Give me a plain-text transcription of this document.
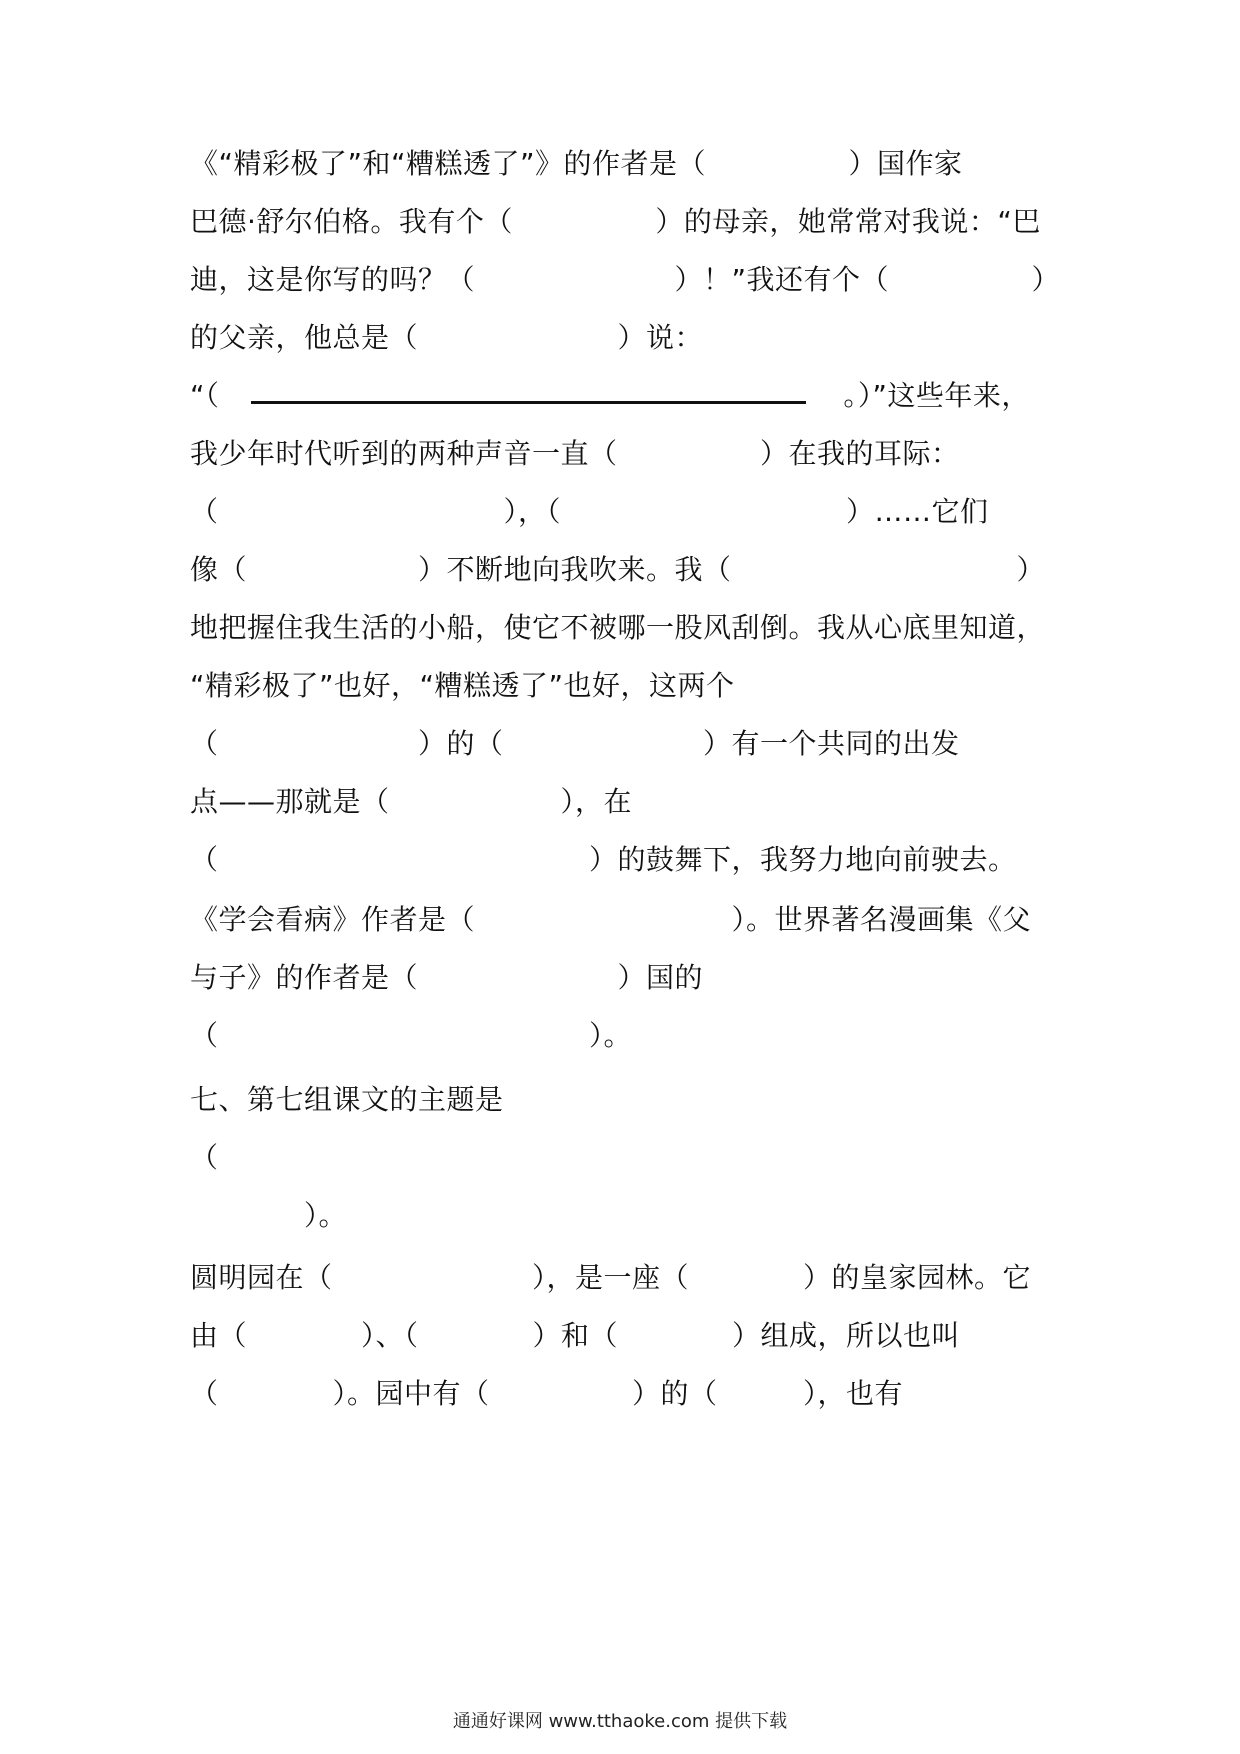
《“精彩极了”和“糟糕透了”》的作者是（　　　　　）国作家
巴德·舒尔伯格。我有个（　　　　　）的母亲，她常常对我说：“巴
迪，这是你写的吗？（　　　　　　　）！”我还有个（　　　　　）
的父亲，他总是（　　　　　　　）说：
“（	。）”这些年来，
我少年时代听到的两种声音一直（　　　　　）在我的耳际：
（　　　　　　　　　　），（　　　　　　　　　　）……它们
像（　　　　　　）不断地向我吹来。我（　　　　　　　　　　）
地把握住我生活的小船，使它不被哪一股风刮倒。我从心底里知道，
“精彩极了”也好，“糟糕透了”也好，这两个
（　　　　　　　）的（　　　　　　　）有一个共同的出发
点——那就是（　　　　　　），在
（　　　　　　　　　　　　　）的鼓舞下，我努力地向前驶去。
《学会看病》作者是（　　　　　　　　　）。世界著名漫画集《父
与子》的作者是（　　　　　　　）国的
（　　　　　　　　　　　　　）。
七、第七组课文的主题是
（
　　　　）。
圆明园在（　　　　　　　），是一座（　　　　）的皇家园林。它
由（　　　　）、（　　　　）和（　　　　）组成，所以也叫
（　　　　）。园中有（　　　　　）的（　　　），也有
通通好课网 www.tthaoke.com 提供下载
